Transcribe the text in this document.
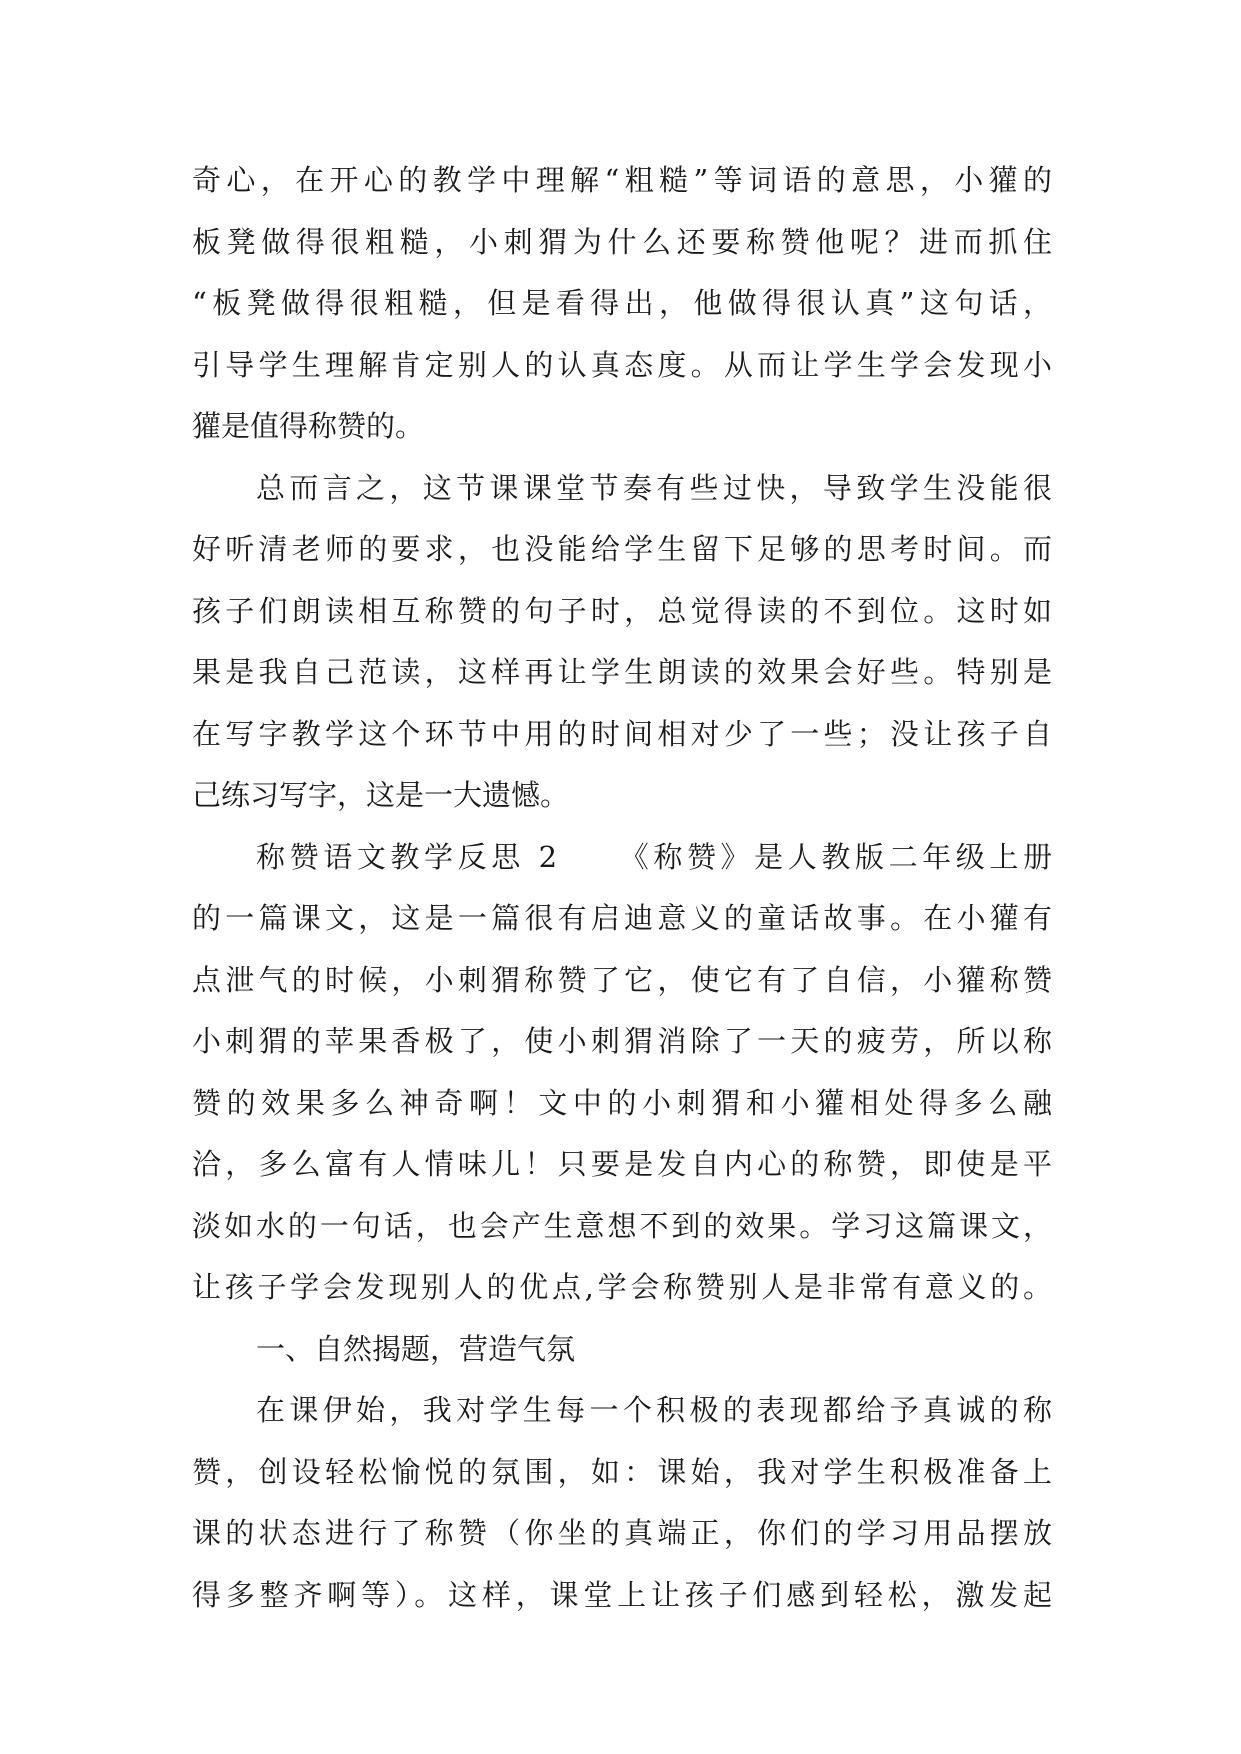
奇心，在开心的教学中理解“粗糙”等词语的意思，小獾的
板凳做得很粗糙，小刺猬为什么还要称赞他呢？进而抓住
“板凳做得很粗糙，但是看得出，他做得很认真”这句话，
引导学生理解肯定别人的认真态度。从而让学生学会发现小
獾是值得称赞的。
总而言之，这节课课堂节奏有些过快，导致学生没能很
好听清老师的要求，也没能给学生留下足够的思考时间。而
孩子们朗读相互称赞的句子时，总觉得读的不到位。这时如
果是我自己范读，这样再让学生朗读的效果会好些。特别是
在写字教学这个环节中用的时间相对少了一些；没让孩子自
己练习写字，这是一大遗憾。
称赞语文教学反思 2 《称赞》是人教版二年级上册
的一篇课文，这是一篇很有启迪意义的童话故事。在小獾有
点泄气的时候，小刺猬称赞了它，使它有了自信，小獾称赞
小刺猬的苹果香极了，使小刺猬消除了一天的疲劳，所以称
赞的效果多么神奇啊！文中的小刺猬和小獾相处得多么融
洽，多么富有人情味儿！只要是发自内心的称赞，即使是平
淡如水的一句话，也会产生意想不到的效果。学习这篇课文，
让孩子学会发现别人的优点,学会称赞别人是非常有意义的。
一、自然揭题，营造气氛
在课伊始，我对学生每一个积极的表现都给予真诚的称
赞，创设轻松愉悦的氛围，如：课始，我对学生积极准备上
课的状态进行了称赞（你坐的真端正，你们的学习用品摆放
得多整齐啊等）。这样，课堂上让孩子们感到轻松，激发起
